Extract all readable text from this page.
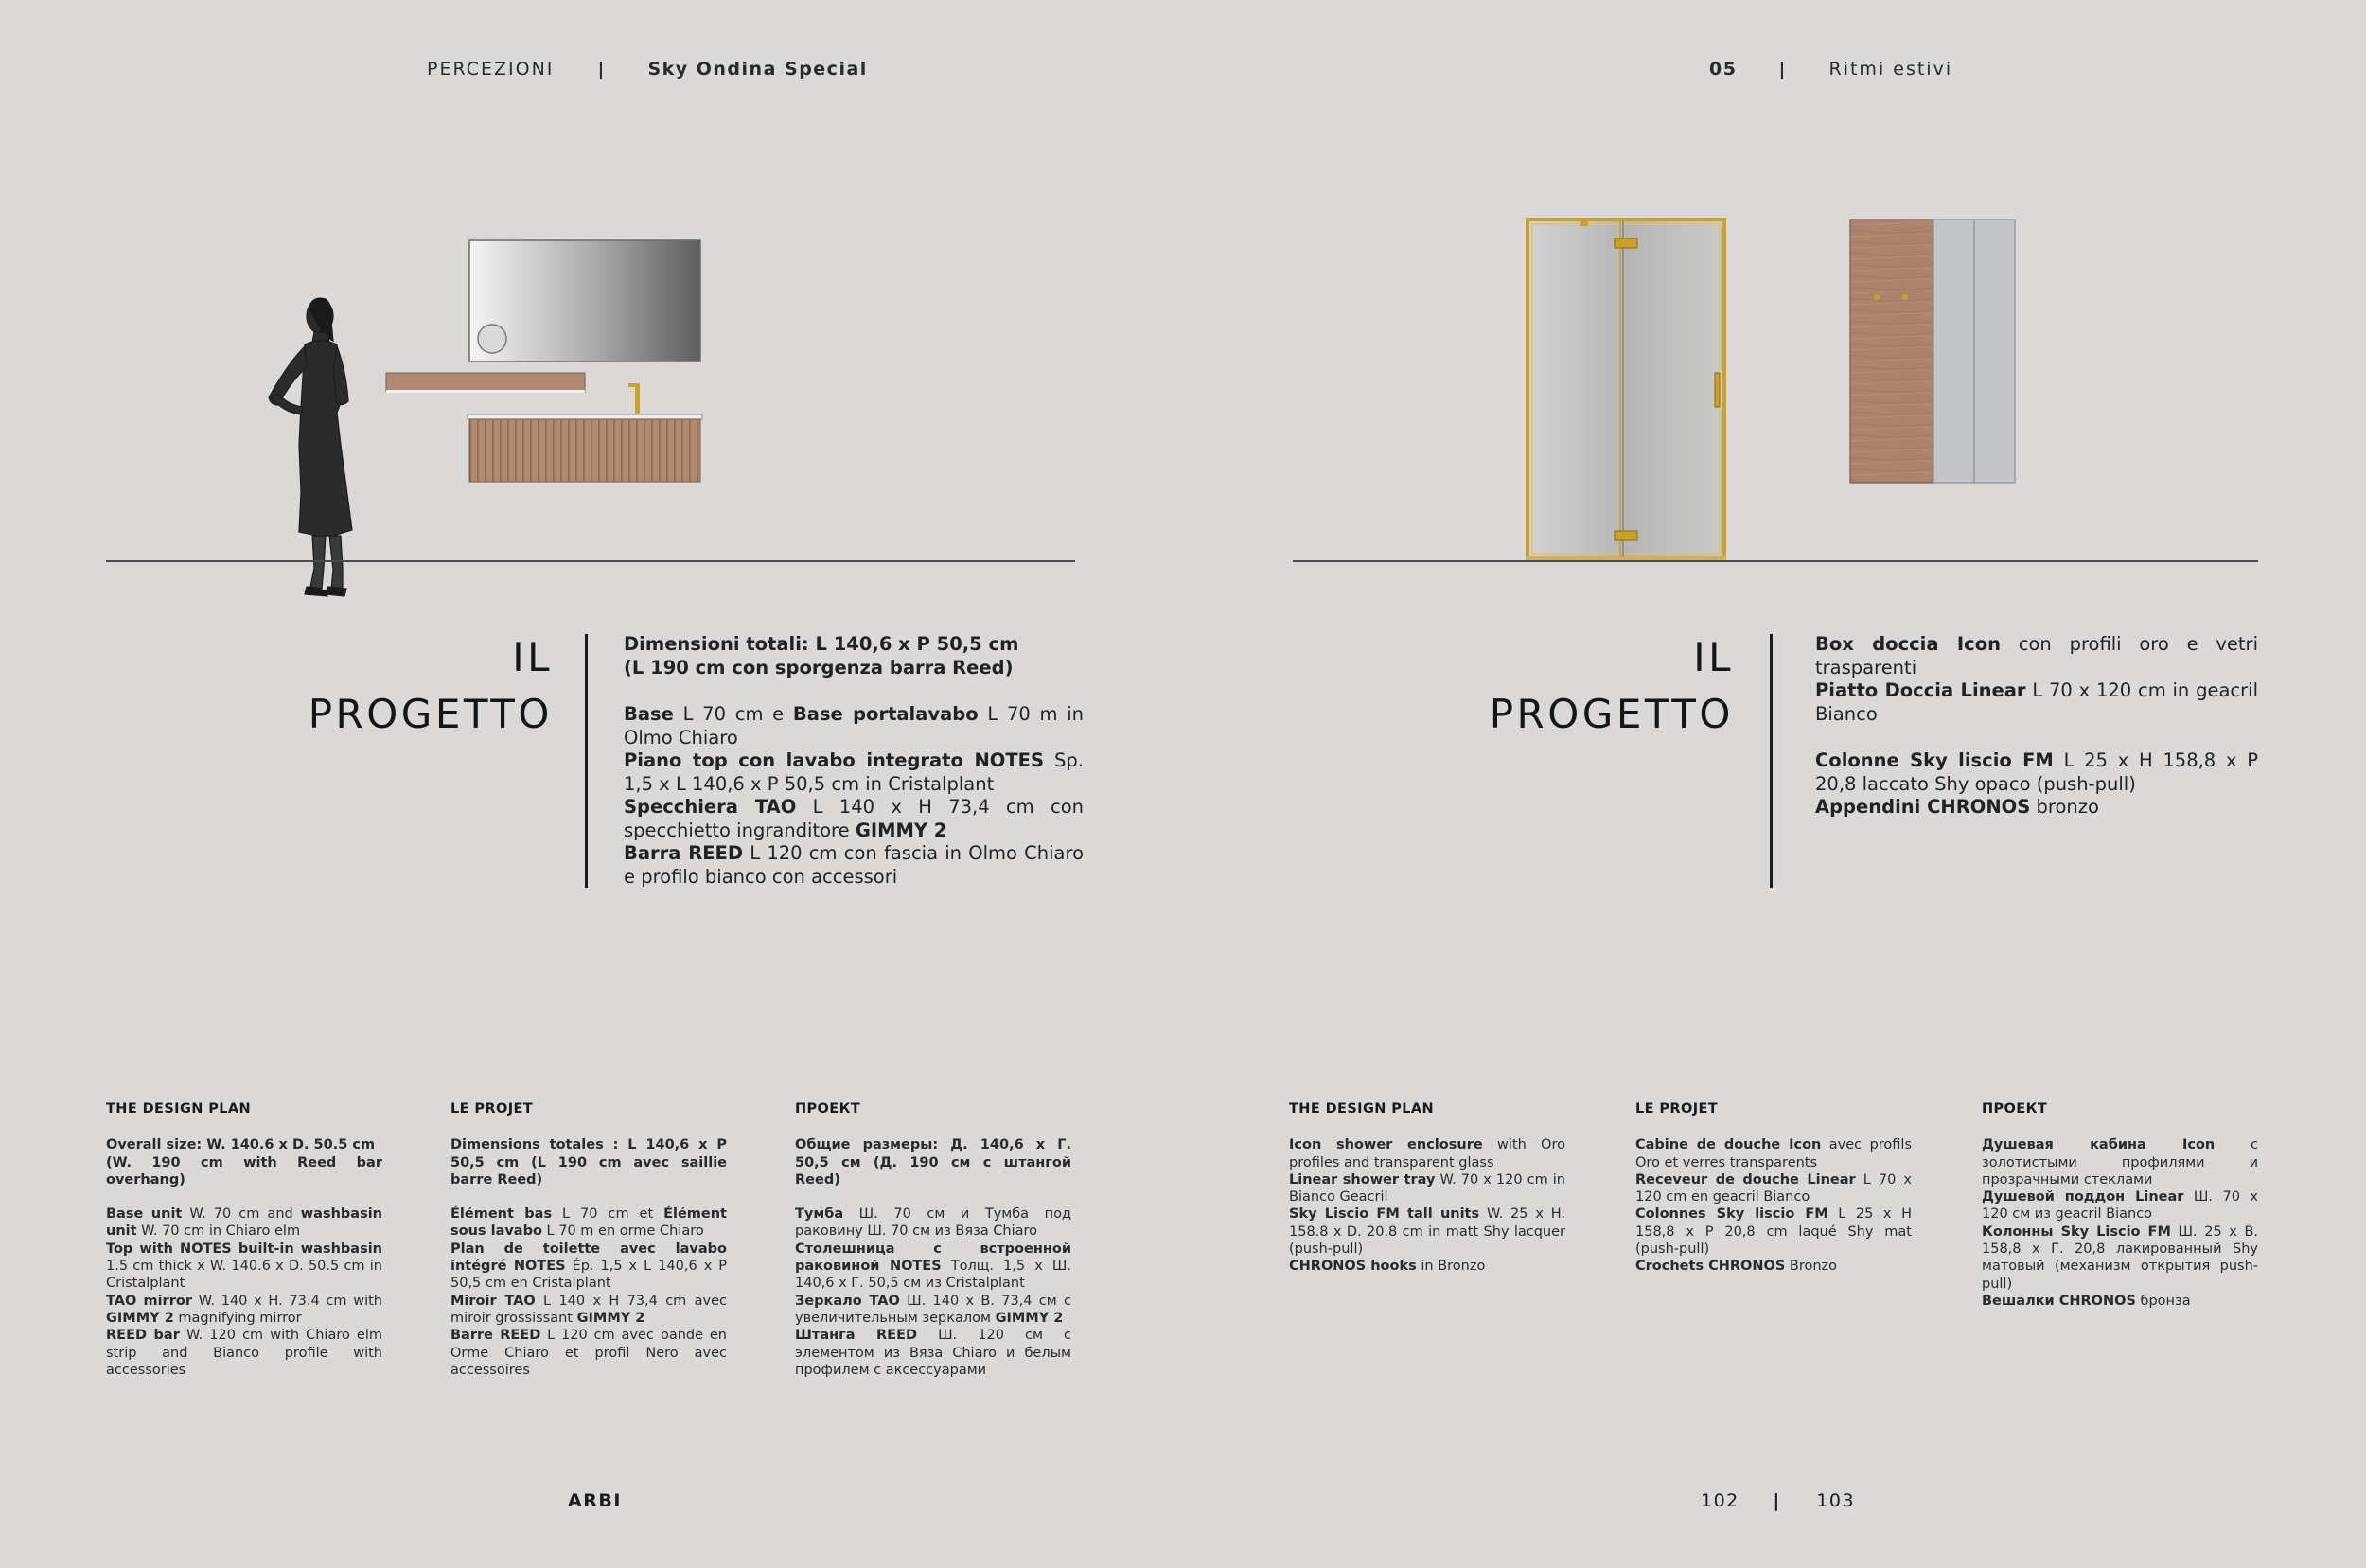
PERCEZIONI | Sky Ondina Special	05 | Ritmi estivi
IL
PROGETTO

Dimensioni totali: L 140,6 x P 50,5 cm

(L 190 cm con sporgenza barra Reed)

Base L 70 cm e Base portalavabo L 70 m in Olmo Chiaro

Piano top con lavabo integrato NOTES Sp. 1,5 x L 140,6 x P 50,5 cm in Cristalplant

Specchiera TAO L 140 x H 73,4 cm con specchietto ingranditore GIMMY 2

Barra REED L 120 cm con fascia in Olmo Chiaro e profilo bianco con accessori

IL
PROGETTO

Box doccia Icon con profili oro e vetri trasparenti

Piatto Doccia Linear L 70 x 120 cm in geacril Bianco

Colonne Sky liscio FM L 25 x H 158,8 x P 20,8 laccato Shy opaco (push-pull)

Appendini CHRONOS bronzo

THE DESIGN PLAN

Overall size: W. 140.6 x D. 50.5 cm

(W. 190 cm with Reed bar overhang)

Base unit W. 70 cm and washbasin unit W. 70 cm in Chiaro elm

Top with NOTES built-in washbasin 1.5 cm thick x W. 140.6 x D. 50.5 cm in Cristalplant

TAO mirror W. 140 x H. 73.4 cm with GIMMY 2 magnifying mirror

REED bar W. 120 cm with Chiaro elm strip and Bianco profile with accessories

LE PROJET

Dimensions totales : L 140,6 x P 50,5 cm (L 190 cm avec saillie barre Reed)

Élément bas L 70 cm et Élément sous lavabo L 70 m en orme Chiaro

Plan de toilette avec lavabo intégré NOTES Ép. 1,5 x L 140,6 x P 50,5 cm en Cristalplant

Miroir TAO L 140 x H 73,4 cm avec miroir grossissant GIMMY 2

Barre REED L 120 cm avec bande en Orme Chiaro et profil Nero avec accessoires

ПРОЕКТ

Общие размеры: Д. 140,6 х Г. 50,5 см (Д. 190 см с штангой Reed)

Тумба Ш. 70 см и Тумба под раковину Ш. 70 см из Вяза Chiaro

Столешница с встроенной раковиной NOTES Толщ. 1,5 х Ш. 140,6 х Г. 50,5 см из Cristalplant

Зеркало TAO Ш. 140 х В. 73,4 см с увеличительным зеркалом GIMMY 2

Штанга REED Ш. 120 см с элементом из Вяза Chiaro и белым профилем с аксессуарами

THE DESIGN PLAN

Icon shower enclosure with Oro profiles and transparent glass

Linear shower tray W. 70 x 120 cm in Bianco Geacril

Sky Liscio FM tall units W. 25 x H. 158.8 x D. 20.8 cm in matt Shy lacquer (push-pull)

CHRONOS hooks in Bronzo

LE PROJET

Cabine de douche Icon avec profils Oro et verres transparents

Receveur de douche Linear L 70 x 120 cm en geacril Bianco

Colonnes Sky liscio FM L 25 x H 158,8 x P 20,8 cm laqué Shy mat (push-pull)

Crochets CHRONOS Bronzo

ПРОЕКТ

Душевая кабина Icon с золотистыми профилями и прозрачными стеклами

Душевой поддон Linear Ш. 70 х 120 см из geacril Bianco

Колонны Sky Liscio FM Ш. 25 х В. 158,8 х Г. 20,8 лакированный Shy матовый (механизм открытия push-pull)

Вешалки CHRONOS бронза

ARBI	102 | 103
